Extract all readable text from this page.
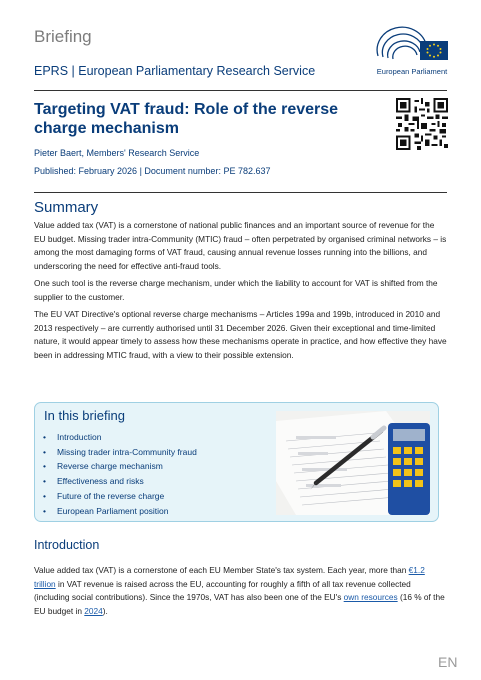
Briefing
European Parliament
EPRS | European Parliamentary Research Service
Targeting VAT fraud: Role of the reverse charge mechanism
Pieter Baert, Members' Research Service
Published: February 2026 | Document number: PE 782.637
Summary

Value added tax (VAT) is a cornerstone of national public finances and an important source of revenue for the EU budget. Missing trader intra-Community (MTIC) fraud – often perpetrated by organised criminal networks – is among the most damaging forms of VAT fraud, causing annual revenue losses running into the billions, and underscoring the need for effective anti-fraud tools.

One such tool is the reverse charge mechanism, under which the liability to account for VAT is shifted from the supplier to the customer.

The EU VAT Directive's optional reverse charge mechanisms – Articles 199a and 199b, introduced in 2010 and 2013 respectively – are currently authorised until 31 December 2026. Given their exceptional and time-limited nature, it would appear timely to assess how these mechanisms operate in practice, and how effective they have been in addressing MTIC fraud, with a view to their possible extension.

In this briefing
• Introduction
• Missing trader intra-Community fraud
• Reverse charge mechanism
• Effectiveness and risks
• Future of the reverse charge
• European Parliament position
Introduction

Value added tax (VAT) is a cornerstone of each EU Member State's tax system. Each year, more than €1.2 trillion in VAT revenue is raised across the EU, accounting for roughly a fifth of all tax revenue collected (including social contributions). Since the 1970s, VAT has also been one of the EU's own resources (16 % of the EU budget in 2024).

EN
